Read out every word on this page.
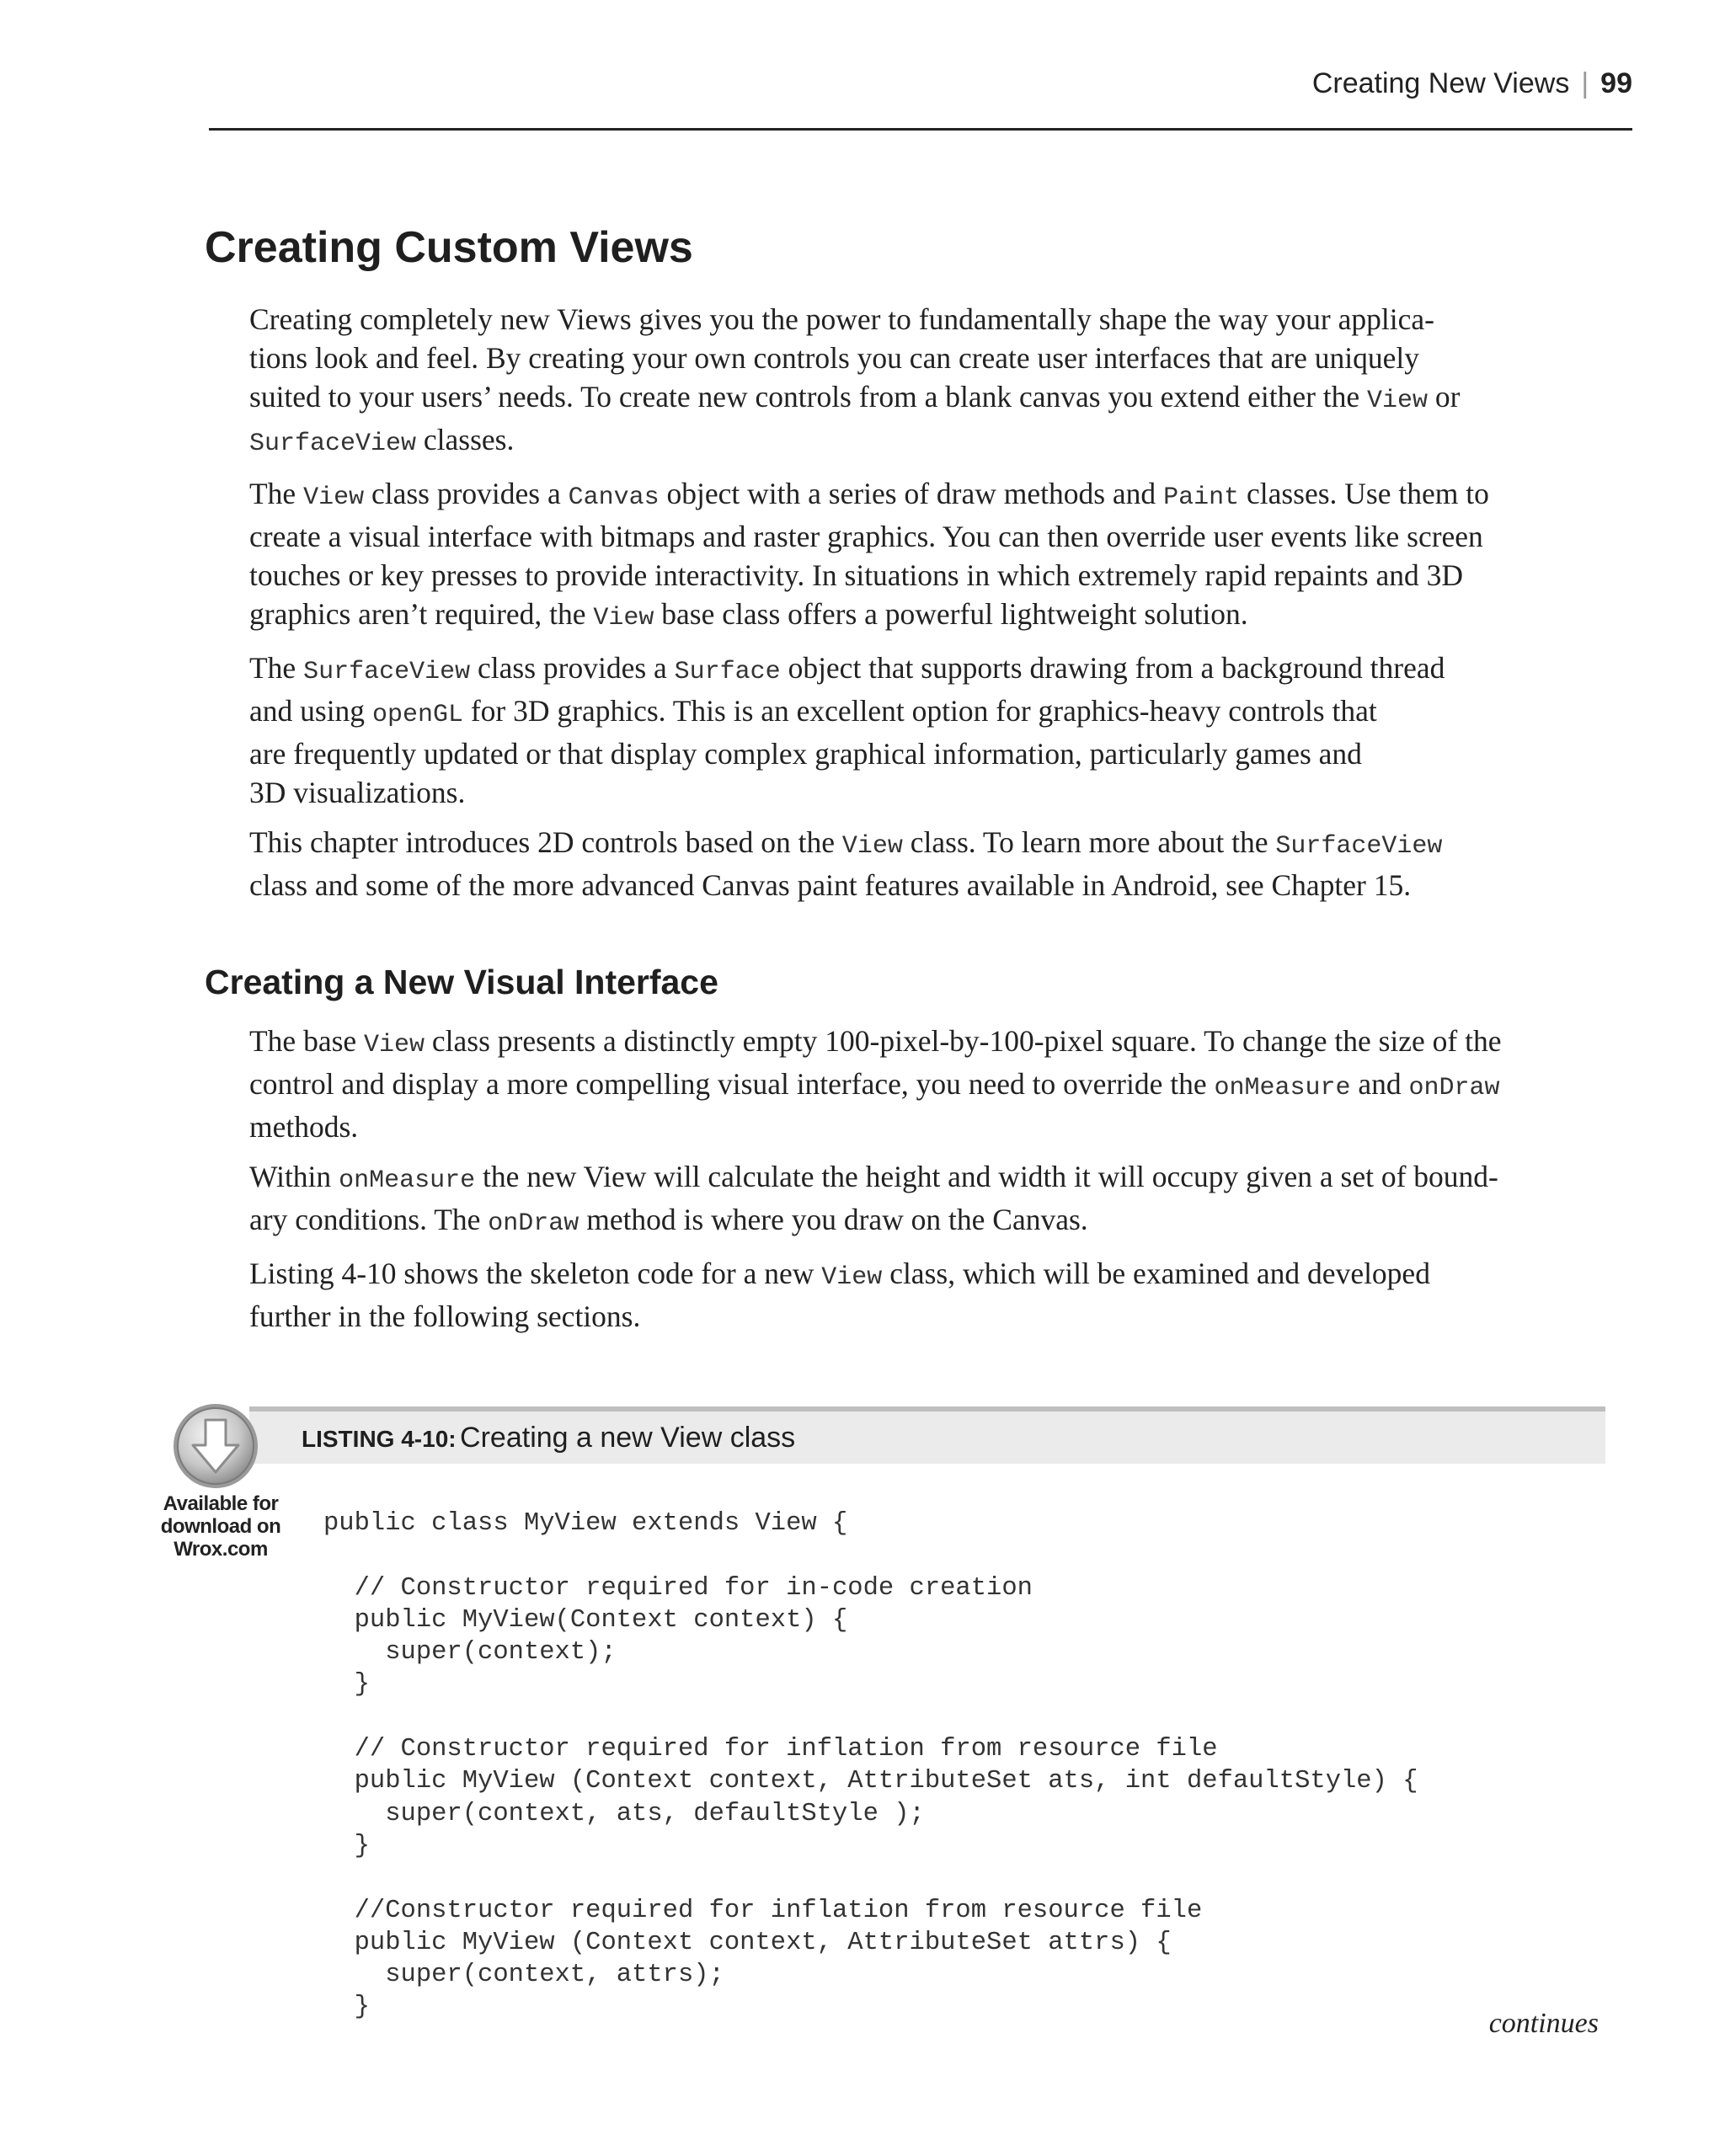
Creating New Views | 99
Creating Custom Views

Creating completely new Views gives you the power to fundamentally shape the way your applica-
tions look and feel. By creating your own controls you can create user interfaces that are uniquely
suited to your users’ needs. To create new controls from a blank canvas you extend either the View or
SurfaceView classes.

The View class provides a Canvas object with a series of draw methods and Paint classes. Use them to
create a visual interface with bitmaps and raster graphics. You can then override user events like screen
touches or key presses to provide interactivity. In situations in which extremely rapid repaints and 3D
graphics aren’t required, the View base class offers a powerful lightweight solution.

The SurfaceView class provides a Surface object that supports drawing from a background thread
and using openGL for 3D graphics. This is an excellent option for graphics-heavy controls that
are frequently updated or that display complex graphical information, particularly games and
3D visualizations.

This chapter introduces 2D controls based on the View class. To learn more about the SurfaceView
class and some of the more advanced Canvas paint features available in Android, see Chapter 15.

Creating a New Visual Interface

The base View class presents a distinctly empty 100-pixel-by-100-pixel square. To change the size of the
control and display a more compelling visual interface, you need to override the onMeasure and onDraw
methods.

Within onMeasure the new View will calculate the height and width it will occupy given a set of bound-
ary conditions. The onDraw method is where you draw on the Canvas.

Listing 4-10 shows the skeleton code for a new View class, which will be examined and developed
further in the following sections.

LISTING 4-10: Creating a new View class
Available for
download on
Wrox.com
public class MyView extends View {
// Constructor required for in-code creation
public MyView(Context context) {
super(context);
}
// Constructor required for inflation from resource file
public MyView (Context context, AttributeSet ats, int defaultStyle) {
super(context, ats, defaultStyle );
}
//Constructor required for inflation from resource file
public MyView (Context context, AttributeSet attrs) {
super(context, attrs);
}
continues
